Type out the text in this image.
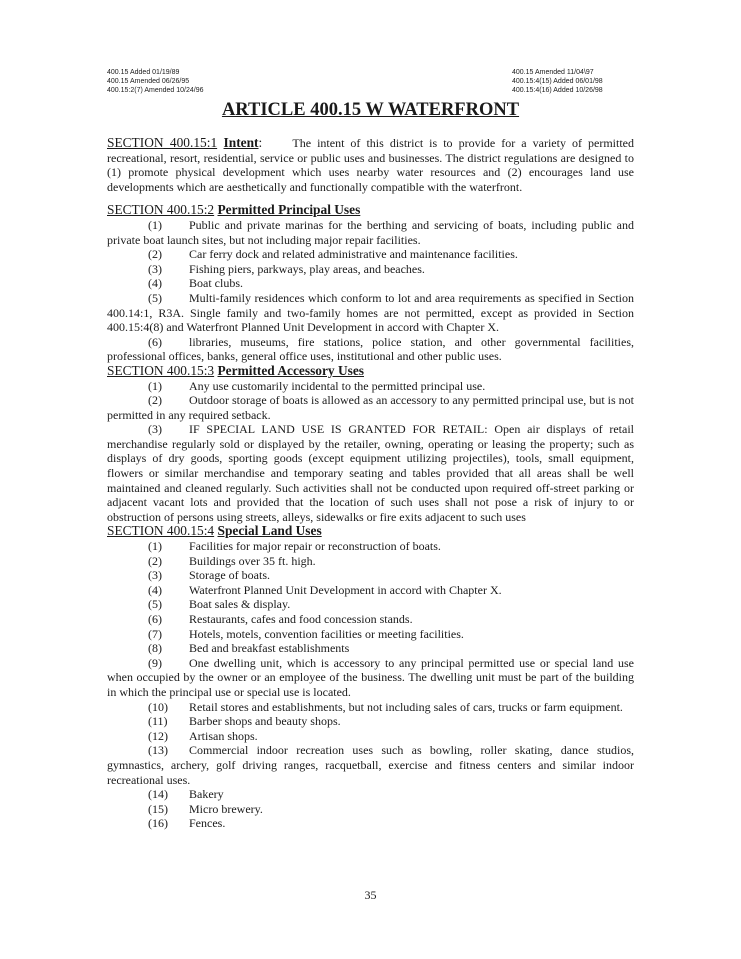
400.15 Added 01/19/89
400.15 Amended 06/26/95
400.15:2(7) Amended 10/24/96
400.15 Amended 11/04\97
400.15:4(15) Added 06/01/98
400.15:4(16) Added 10/26/98
ARTICLE 400.15 W WATERFRONT

SECTION 400.15:1 Intent:	The intent of this district is to provide for a variety of permitted recreational, resort, residential, service or public uses and businesses. The district regulations are designed to (1) promote physical development which uses nearby water resources and (2) encourages land use developments which are aesthetically and functionally compatible with the waterfront.

SECTION 400.15:2 Permitted Principal Uses

(1) Public and private marinas for the berthing and servicing of boats, including public and private boat launch sites, but not including major repair facilities.

(2)	Car ferry dock and related administrative and maintenance facilities.
(3)	Fishing piers, parkways, play areas, and beaches.
(4)	Boat clubs.

(5) Multi-family residences which conform to lot and area requirements as specified in Section 400.14:1, R3A. Single family and two-family homes are not permitted, except as provided in Section 400.15:4(8) and Waterfront Planned Unit Development in accord with Chapter X.

(6) libraries, museums, fire stations, police station, and other governmental facilities, professional offices, banks, general office uses, institutional and other public uses.

SECTION 400.15:3 Permitted Accessory Uses
(1)	Any use customarily incidental to the permitted principal use.

(2) Outdoor storage of boats is allowed as an accessory to any permitted principal use, but is not permitted in any required setback.

(3) IF SPECIAL LAND USE IS GRANTED FOR RETAIL: Open air displays of retail merchandise regularly sold or displayed by the retailer, owning, operating or leasing the property; such as displays of dry goods, sporting goods (except equipment utilizing projectiles), tools, small equipment, flowers or similar merchandise and temporary seating and tables provided that all areas shall be well maintained and cleaned regularly. Such activities shall not be conducted upon required off-street parking or adjacent vacant lots and provided that the location of such uses shall not pose a risk of injury to or obstruction of persons using streets, alleys, sidewalks or fire exits adjacent to such uses

SECTION 400.15:4 Special Land Uses
(1)	Facilities for major repair or reconstruction of boats.
(2)	Buildings over 35 ft. high.
(3)	Storage of boats.
(4)	Waterfront Planned Unit Development in accord with Chapter X.
(5)	Boat sales & display.
(6)	Restaurants, cafes and food concession stands.
(7)	Hotels, motels, convention facilities or meeting facilities.
(8)	Bed and breakfast establishments

(9) One dwelling unit, which is accessory to any principal permitted use or special land use when occupied by the owner or an employee of the business. The dwelling unit must be part of the building in which the principal use or special use is located.

(10) Retail stores and establishments, but not including sales of cars, trucks or farm equipment.

(11)	Barber shops and beauty shops.
(12)	Artisan shops.

(13) Commercial indoor recreation uses such as bowling, roller skating, dance studios, gymnastics, archery, golf driving ranges, racquetball, exercise and fitness centers and similar indoor recreational uses.

(14)	Bakery
(15)	Micro brewery.
(16)	Fences.
35
